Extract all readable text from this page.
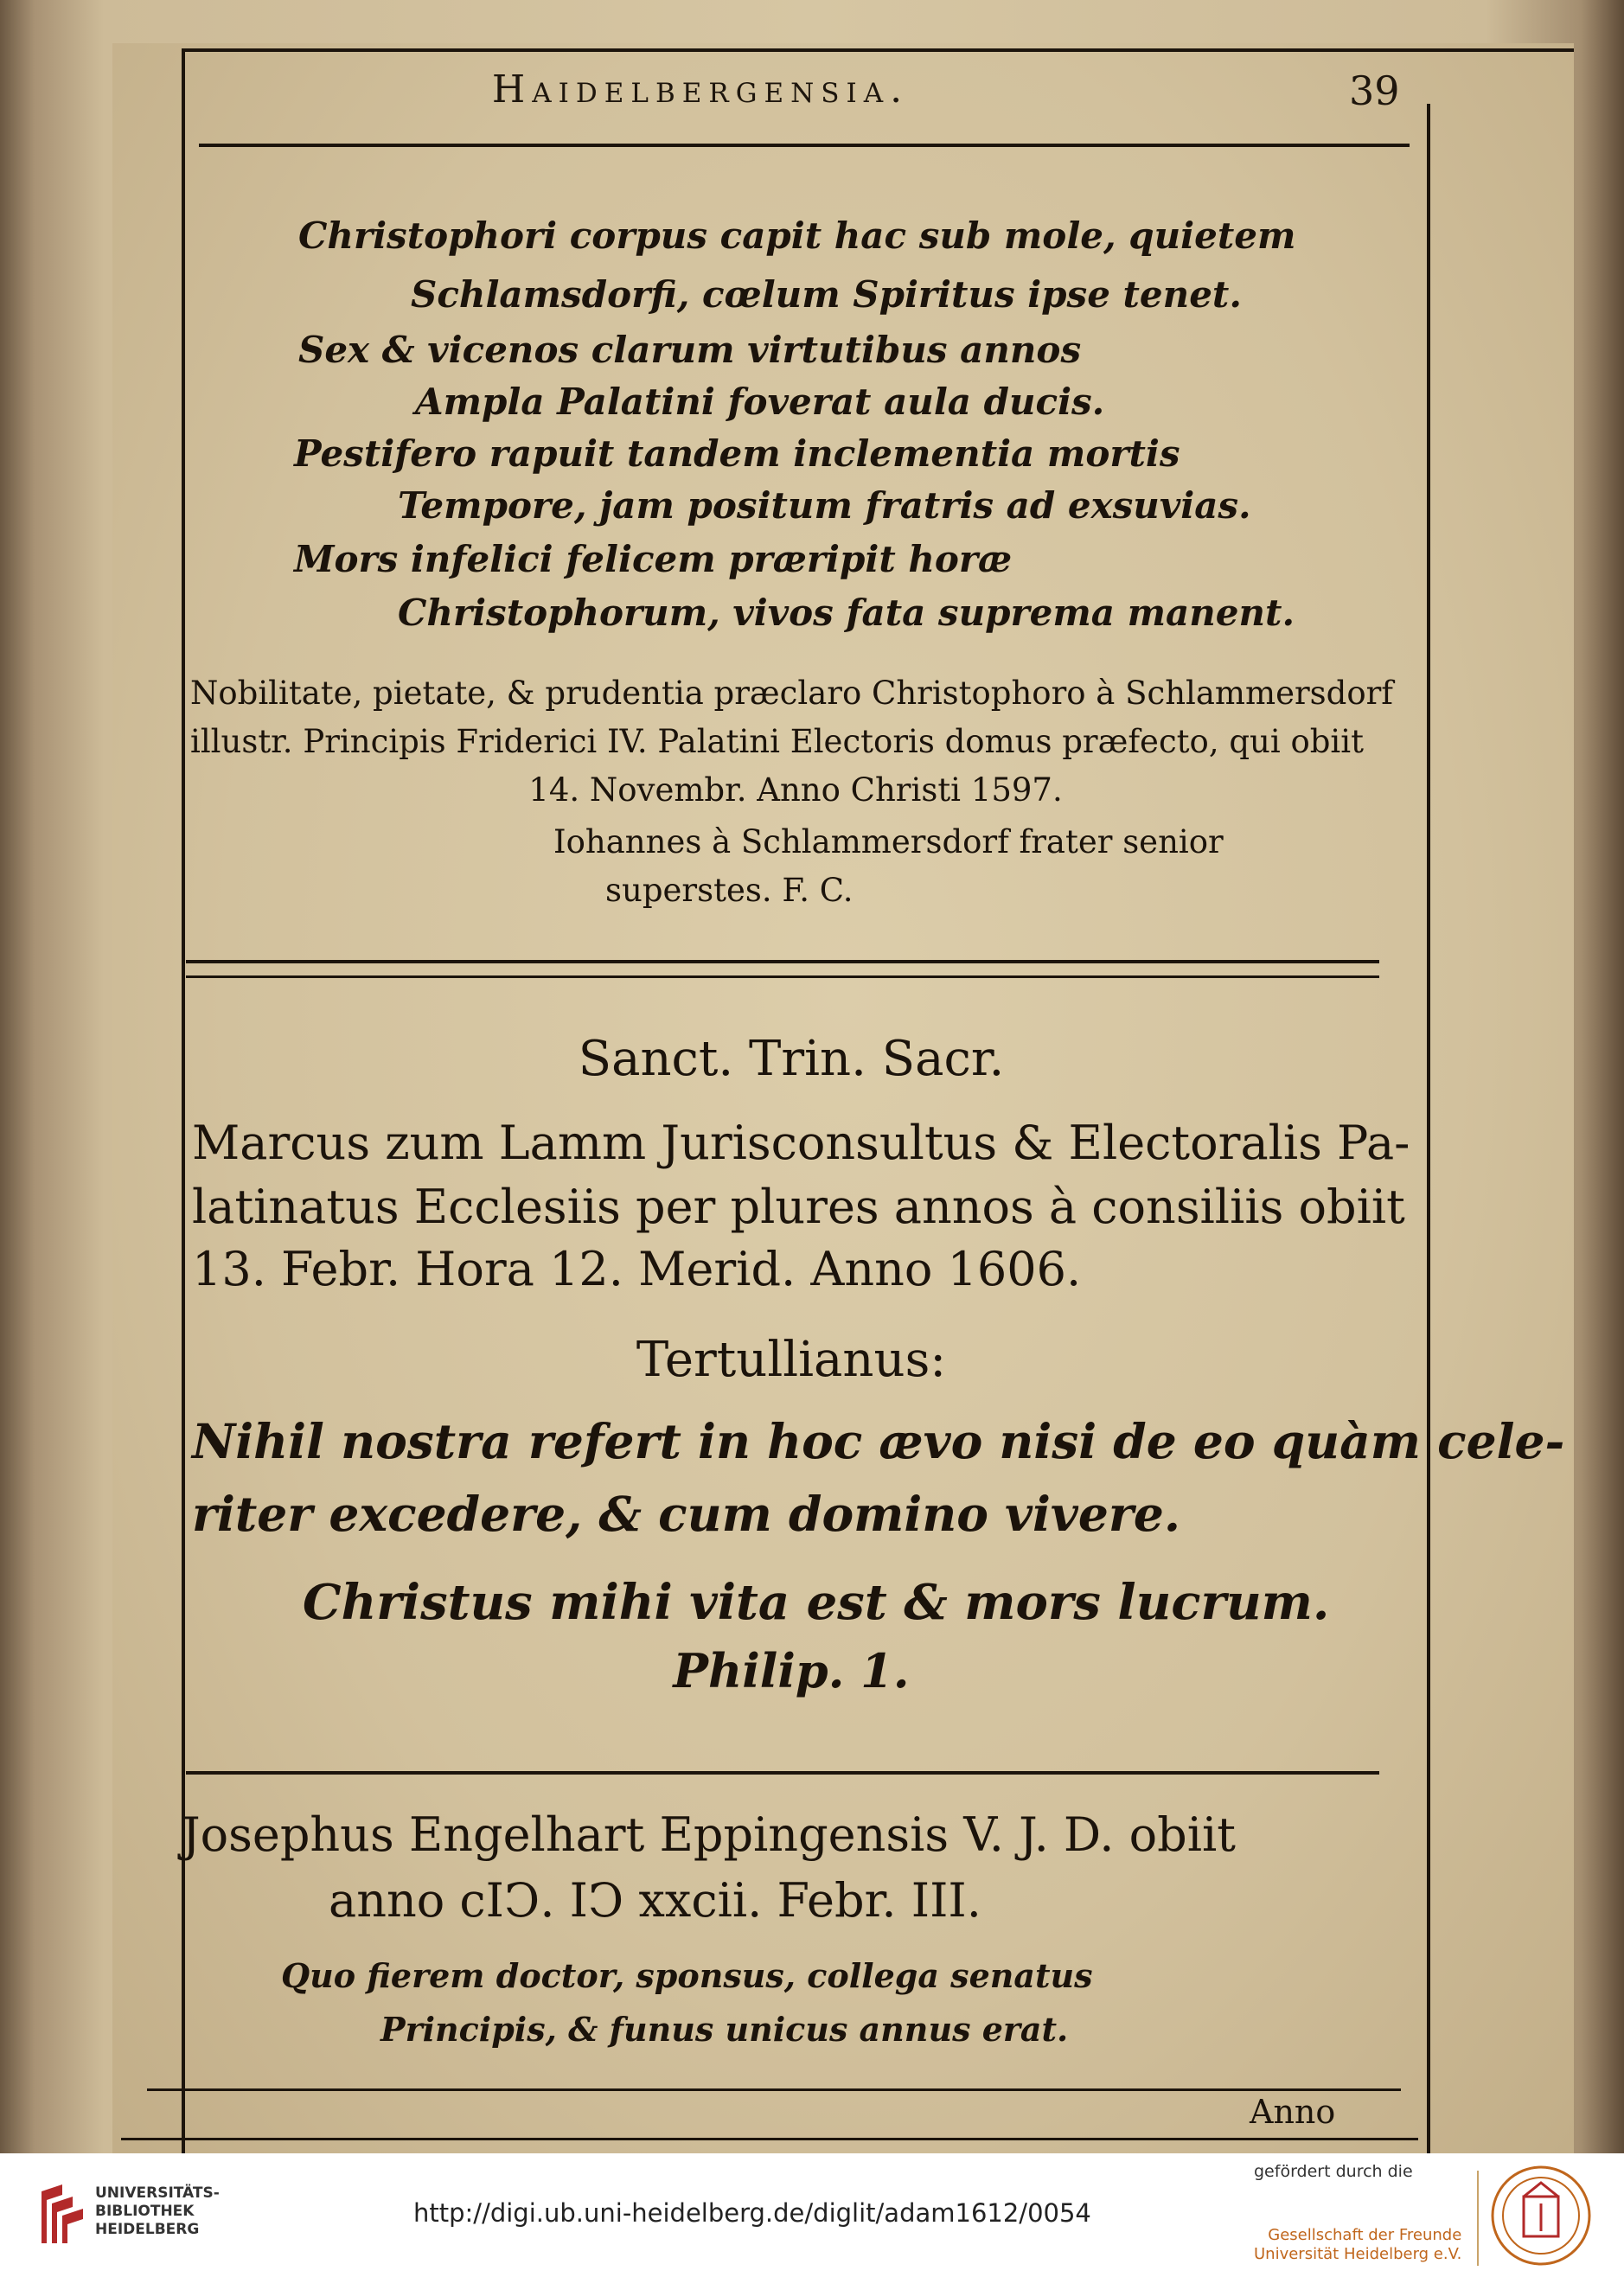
Haidelbergensia.	39
Christophori corpus capit hac sub mole, quietem
Schlamsdorfi, cœlum Spiritus ipse tenet.
Sex & vicenos clarum virtutibus annos
Ampla Palatini foverat aula ducis.
Pestifero rapuit tandem inclementia mortis
Tempore, jam positum fratris ad exsuvias.
Mors infelici felicem præripit horæ
Christophorum, vivos fata suprema manent.
Nobilitate, pietate, & prudentia præclaro Christophoro à Schlammersdorf
illustr. Principis Friderici IV. Palatini Electoris domus præfecto, qui obiit
14. Novembr. Anno Christi 1597.
Iohannes à Schlammersdorf frater senior
superstes. F. C.
Sanct. Trin. Sacr.
Marcus zum Lamm Jurisconsultus & Electoralis Pa-
latinatus Ecclesiis per plures annos à consiliis obiit
13. Febr. Hora 12. Merid. Anno 1606.
Tertullianus:
Nihil nostra refert in hoc ævo nisi de eo quàm cele-
riter excedere, & cum domino vivere.
Christus mihi vita est & mors lucrum.
Philip. 1.
Josephus Engelhart Eppingensis V. J. D. obiit
anno cIↃ. IↃ xxcii. Febr. III.
Quo fierem doctor, sponsus, collega senatus
Principis, & funus unicus annus erat.
Anno
UNIVERSITÄTS-
BIBLIOTHEK
HEIDELBERG
http://digi.ub.uni-heidelberg.de/diglit/adam1612/0054
gefördert durch die
Gesellschaft der Freunde
Universität Heidelberg e.V.
